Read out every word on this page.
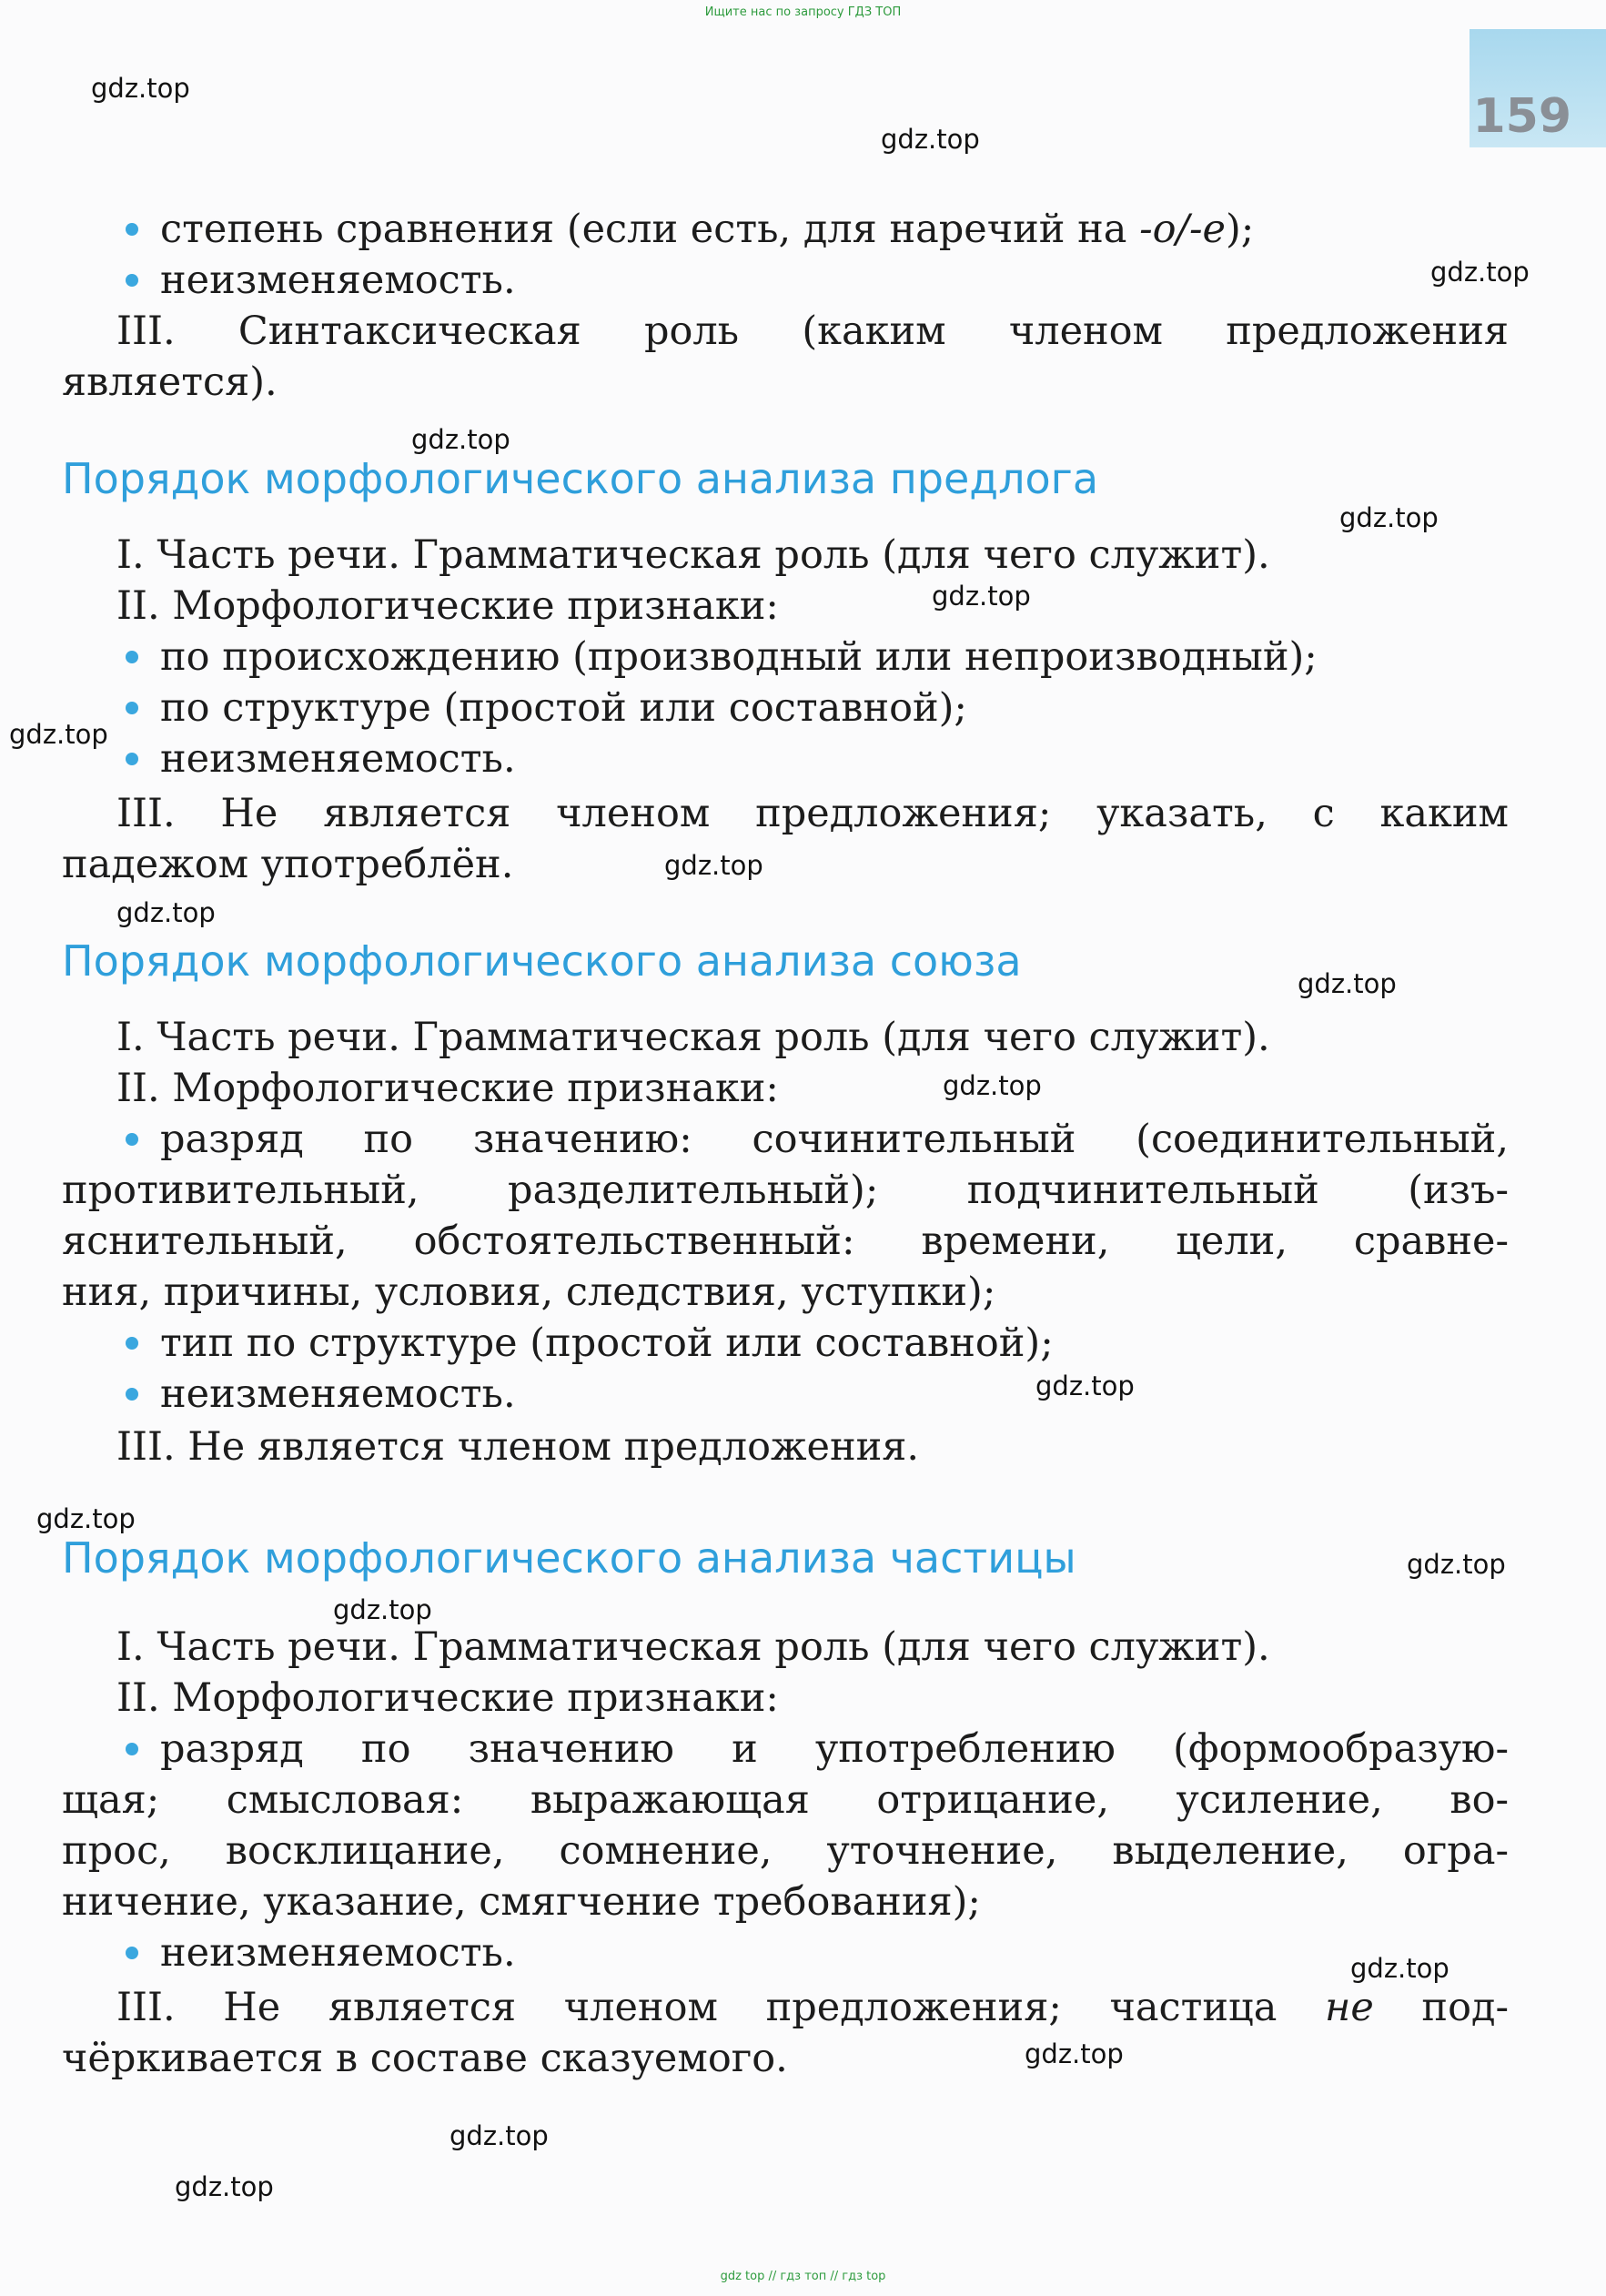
Ищите нас по запросу ГДЗ ТОП
159
степень сравнения (если есть, для наречий на -о/-е);
неизменяемость.
III. Синтаксическая роль (каким членом предложения
является).
Порядок морфологического анализа предлога
I. Часть речи. Грамматическая роль (для чего служит).
II. Морфологические признаки:
по происхождению (производный или непроизводный);
по структуре (простой или составной);
неизменяемость.
III. Не является членом предложения; указать, с каким
падежом употреблён.
Порядок морфологического анализа союза
I. Часть речи. Грамматическая роль (для чего служит).
II. Морфологические признаки:
разряд по значению: сочинительный (соединительный,
противительный, разделительный); подчинительный (изъ-
яснительный, обстоятельственный: времени, цели, сравне-
ния, причины, условия, следствия, уступки);
тип по структуре (простой или составной);
неизменяемость.
III. Не является членом предложения.
Порядок морфологического анализа частицы
I. Часть речи. Грамматическая роль (для чего служит).
II. Морфологические признаки:
разряд по значению и употреблению (формообразую-
щая; смысловая: выражающая отрицание, усиление, во-
прос, восклицание, сомнение, уточнение, выделение, огра-
ничение, указание, смягчение требования);
неизменяемость.
III. Не является членом предложения; частица не под-
чёркивается в составе сказуемого.
gdz.top
gdz.top
gdz.top
gdz.top
gdz.top
gdz.top
gdz.top
gdz.top
gdz.top
gdz.top
gdz.top
gdz.top
gdz.top
gdz.top
gdz.top
gdz.top
gdz.top
gdz.top
gdz.top
gdz top // гдз топ // гдз top
